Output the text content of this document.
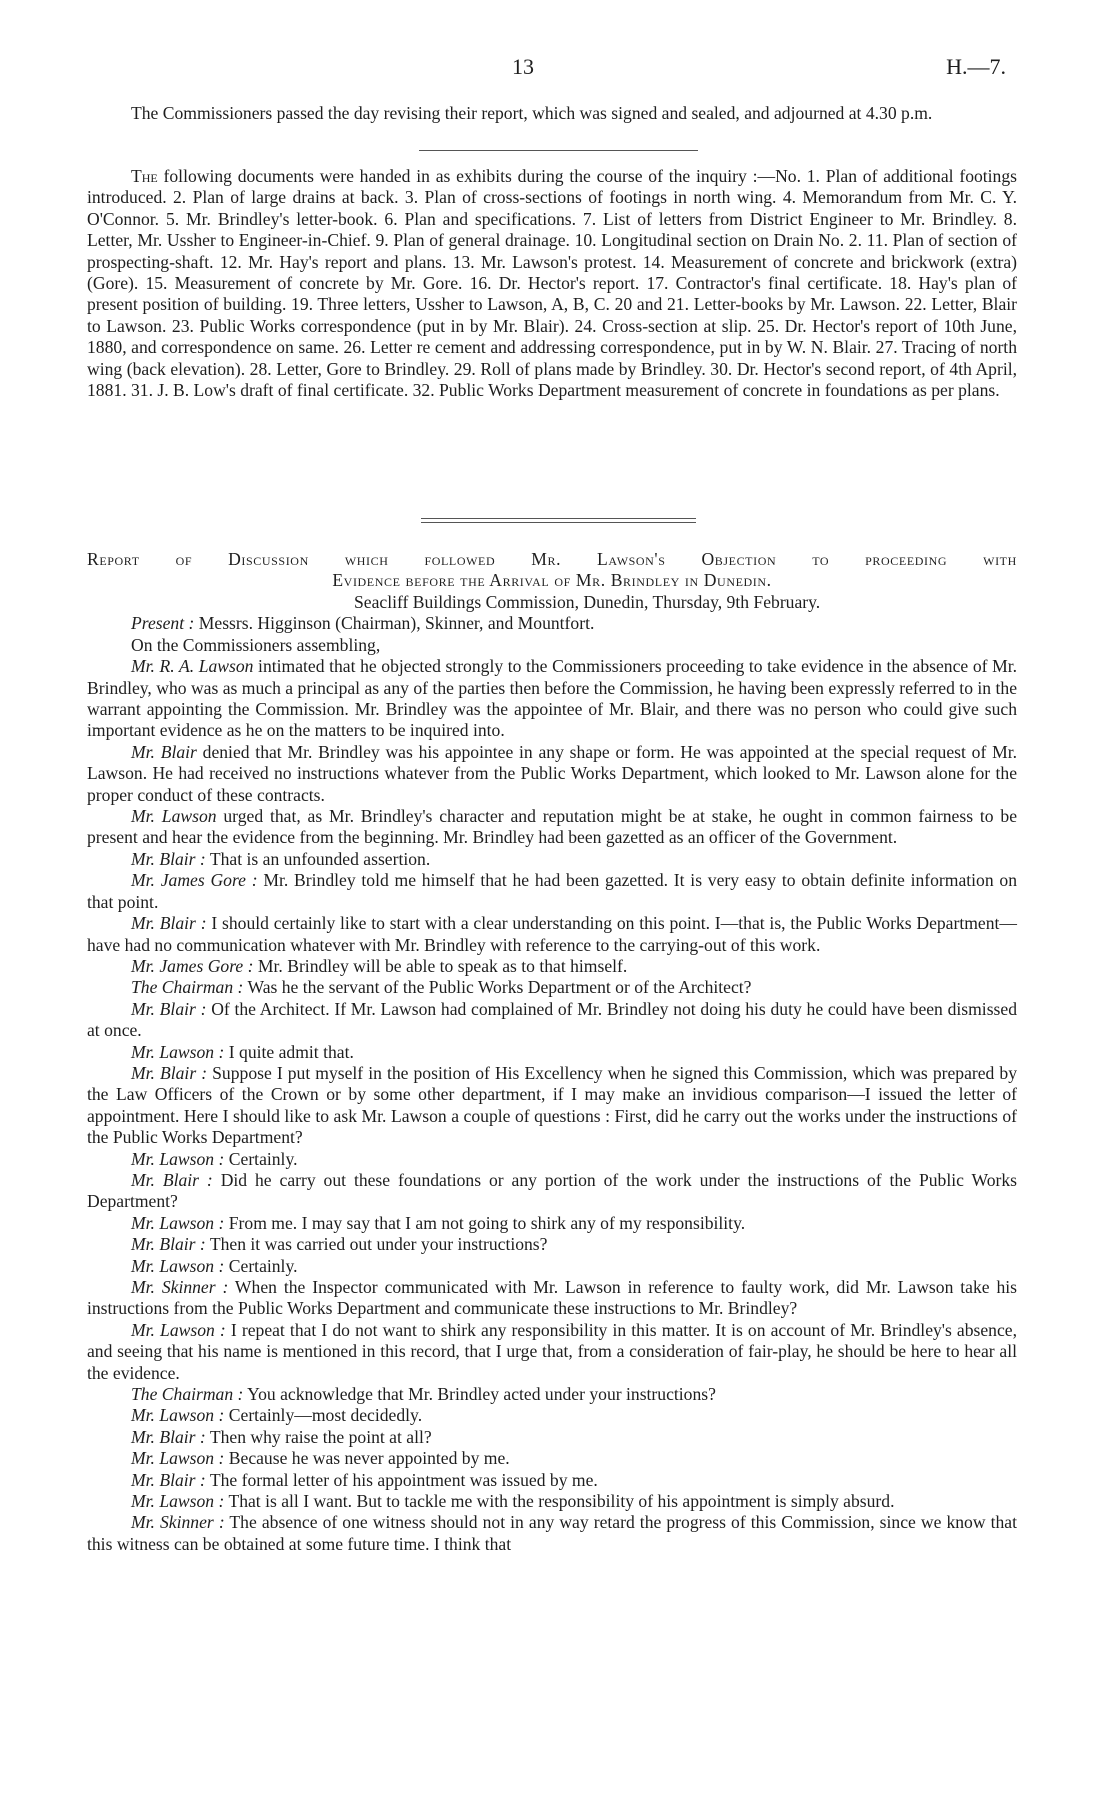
13	H.—7.

The Commissioners passed the day revising their report, which was signed and sealed, and adjourned at 4.30 p.m.

The following documents were handed in as exhibits during the course of the inquiry :—No. 1. Plan of additional footings introduced. 2. Plan of large drains at back. 3. Plan of cross-sections of footings in north wing. 4. Memorandum from Mr. C. Y. O'Connor. 5. Mr. Brindley's letter-book. 6. Plan and specifications. 7. List of letters from District Engineer to Mr. Brindley. 8. Letter, Mr. Ussher to Engineer-in-Chief. 9. Plan of general drainage. 10. Longitudinal section on Drain No. 2. 11. Plan of section of prospecting-shaft. 12. Mr. Hay's report and plans. 13. Mr. Lawson's protest. 14. Measurement of concrete and brickwork (extra) (Gore). 15. Measurement of concrete by Mr. Gore. 16. Dr. Hector's report. 17. Contractor's final certificate. 18. Hay's plan of present position of building. 19. Three letters, Ussher to Lawson, A, B, C. 20 and 21. Letter-books by Mr. Lawson. 22. Letter, Blair to Lawson. 23. Public Works correspondence (put in by Mr. Blair). 24. Cross-section at slip. 25. Dr. Hector's report of 10th June, 1880, and correspondence on same. 26. Letter re cement and addressing correspondence, put in by W. N. Blair. 27. Tracing of north wing (back elevation). 28. Letter, Gore to Brindley. 29. Roll of plans made by Brindley. 30. Dr. Hector's second report, of 4th April, 1881. 31. J. B. Low's draft of final certificate. 32. Public Works Department measurement of concrete in foundations as per plans.

Report of Discussion which followed Mr. Lawson's Objection to proceeding with
Evidence before the Arrival of Mr. Brindley in Dunedin.

Seacliff Buildings Commission, Dunedin, Thursday, 9th February.

Present : Messrs. Higginson (Chairman), Skinner, and Mountfort.

On the Commissioners assembling,

Mr. R. A. Lawson intimated that he objected strongly to the Commissioners proceeding to take evidence in the absence of Mr. Brindley, who was as much a principal as any of the parties then before the Commission, he having been expressly referred to in the warrant appointing the Commission. Mr. Brindley was the appointee of Mr. Blair, and there was no person who could give such important evidence as he on the matters to be inquired into.

Mr. Blair denied that Mr. Brindley was his appointee in any shape or form. He was appointed at the special request of Mr. Lawson. He had received no instructions whatever from the Public Works Department, which looked to Mr. Lawson alone for the proper conduct of these contracts.

Mr. Lawson urged that, as Mr. Brindley's character and reputation might be at stake, he ought in common fairness to be present and hear the evidence from the beginning. Mr. Brindley had been gazetted as an officer of the Government.

Mr. Blair : That is an unfounded assertion.

Mr. James Gore : Mr. Brindley told me himself that he had been gazetted. It is very easy to obtain definite information on that point.

Mr. Blair : I should certainly like to start with a clear understanding on this point. I—that is, the Public Works Department—have had no communication whatever with Mr. Brindley with reference to the carrying-out of this work.

Mr. James Gore : Mr. Brindley will be able to speak as to that himself.

The Chairman : Was he the servant of the Public Works Department or of the Architect?

Mr. Blair : Of the Architect. If Mr. Lawson had complained of Mr. Brindley not doing his duty he could have been dismissed at once.

Mr. Lawson : I quite admit that.

Mr. Blair : Suppose I put myself in the position of His Excellency when he signed this Commission, which was prepared by the Law Officers of the Crown or by some other department, if I may make an invidious comparison—I issued the letter of appointment. Here I should like to ask Mr. Lawson a couple of questions : First, did he carry out the works under the instructions of the Public Works Department?

Mr. Lawson : Certainly.

Mr. Blair : Did he carry out these foundations or any portion of the work under the instructions of the Public Works Department?

Mr. Lawson : From me. I may say that I am not going to shirk any of my responsibility.

Mr. Blair : Then it was carried out under your instructions?

Mr. Lawson : Certainly.

Mr. Skinner : When the Inspector communicated with Mr. Lawson in reference to faulty work, did Mr. Lawson take his instructions from the Public Works Department and communicate these instructions to Mr. Brindley?

Mr. Lawson : I repeat that I do not want to shirk any responsibility in this matter. It is on account of Mr. Brindley's absence, and seeing that his name is mentioned in this record, that I urge that, from a consideration of fair-play, he should be here to hear all the evidence.

The Chairman : You acknowledge that Mr. Brindley acted under your instructions?

Mr. Lawson : Certainly—most decidedly.

Mr. Blair : Then why raise the point at all?

Mr. Lawson : Because he was never appointed by me.

Mr. Blair : The formal letter of his appointment was issued by me.

Mr. Lawson : That is all I want. But to tackle me with the responsibility of his appointment is simply absurd.

Mr. Skinner : The absence of one witness should not in any way retard the progress of this Commission, since we know that this witness can be obtained at some future time. I think that
